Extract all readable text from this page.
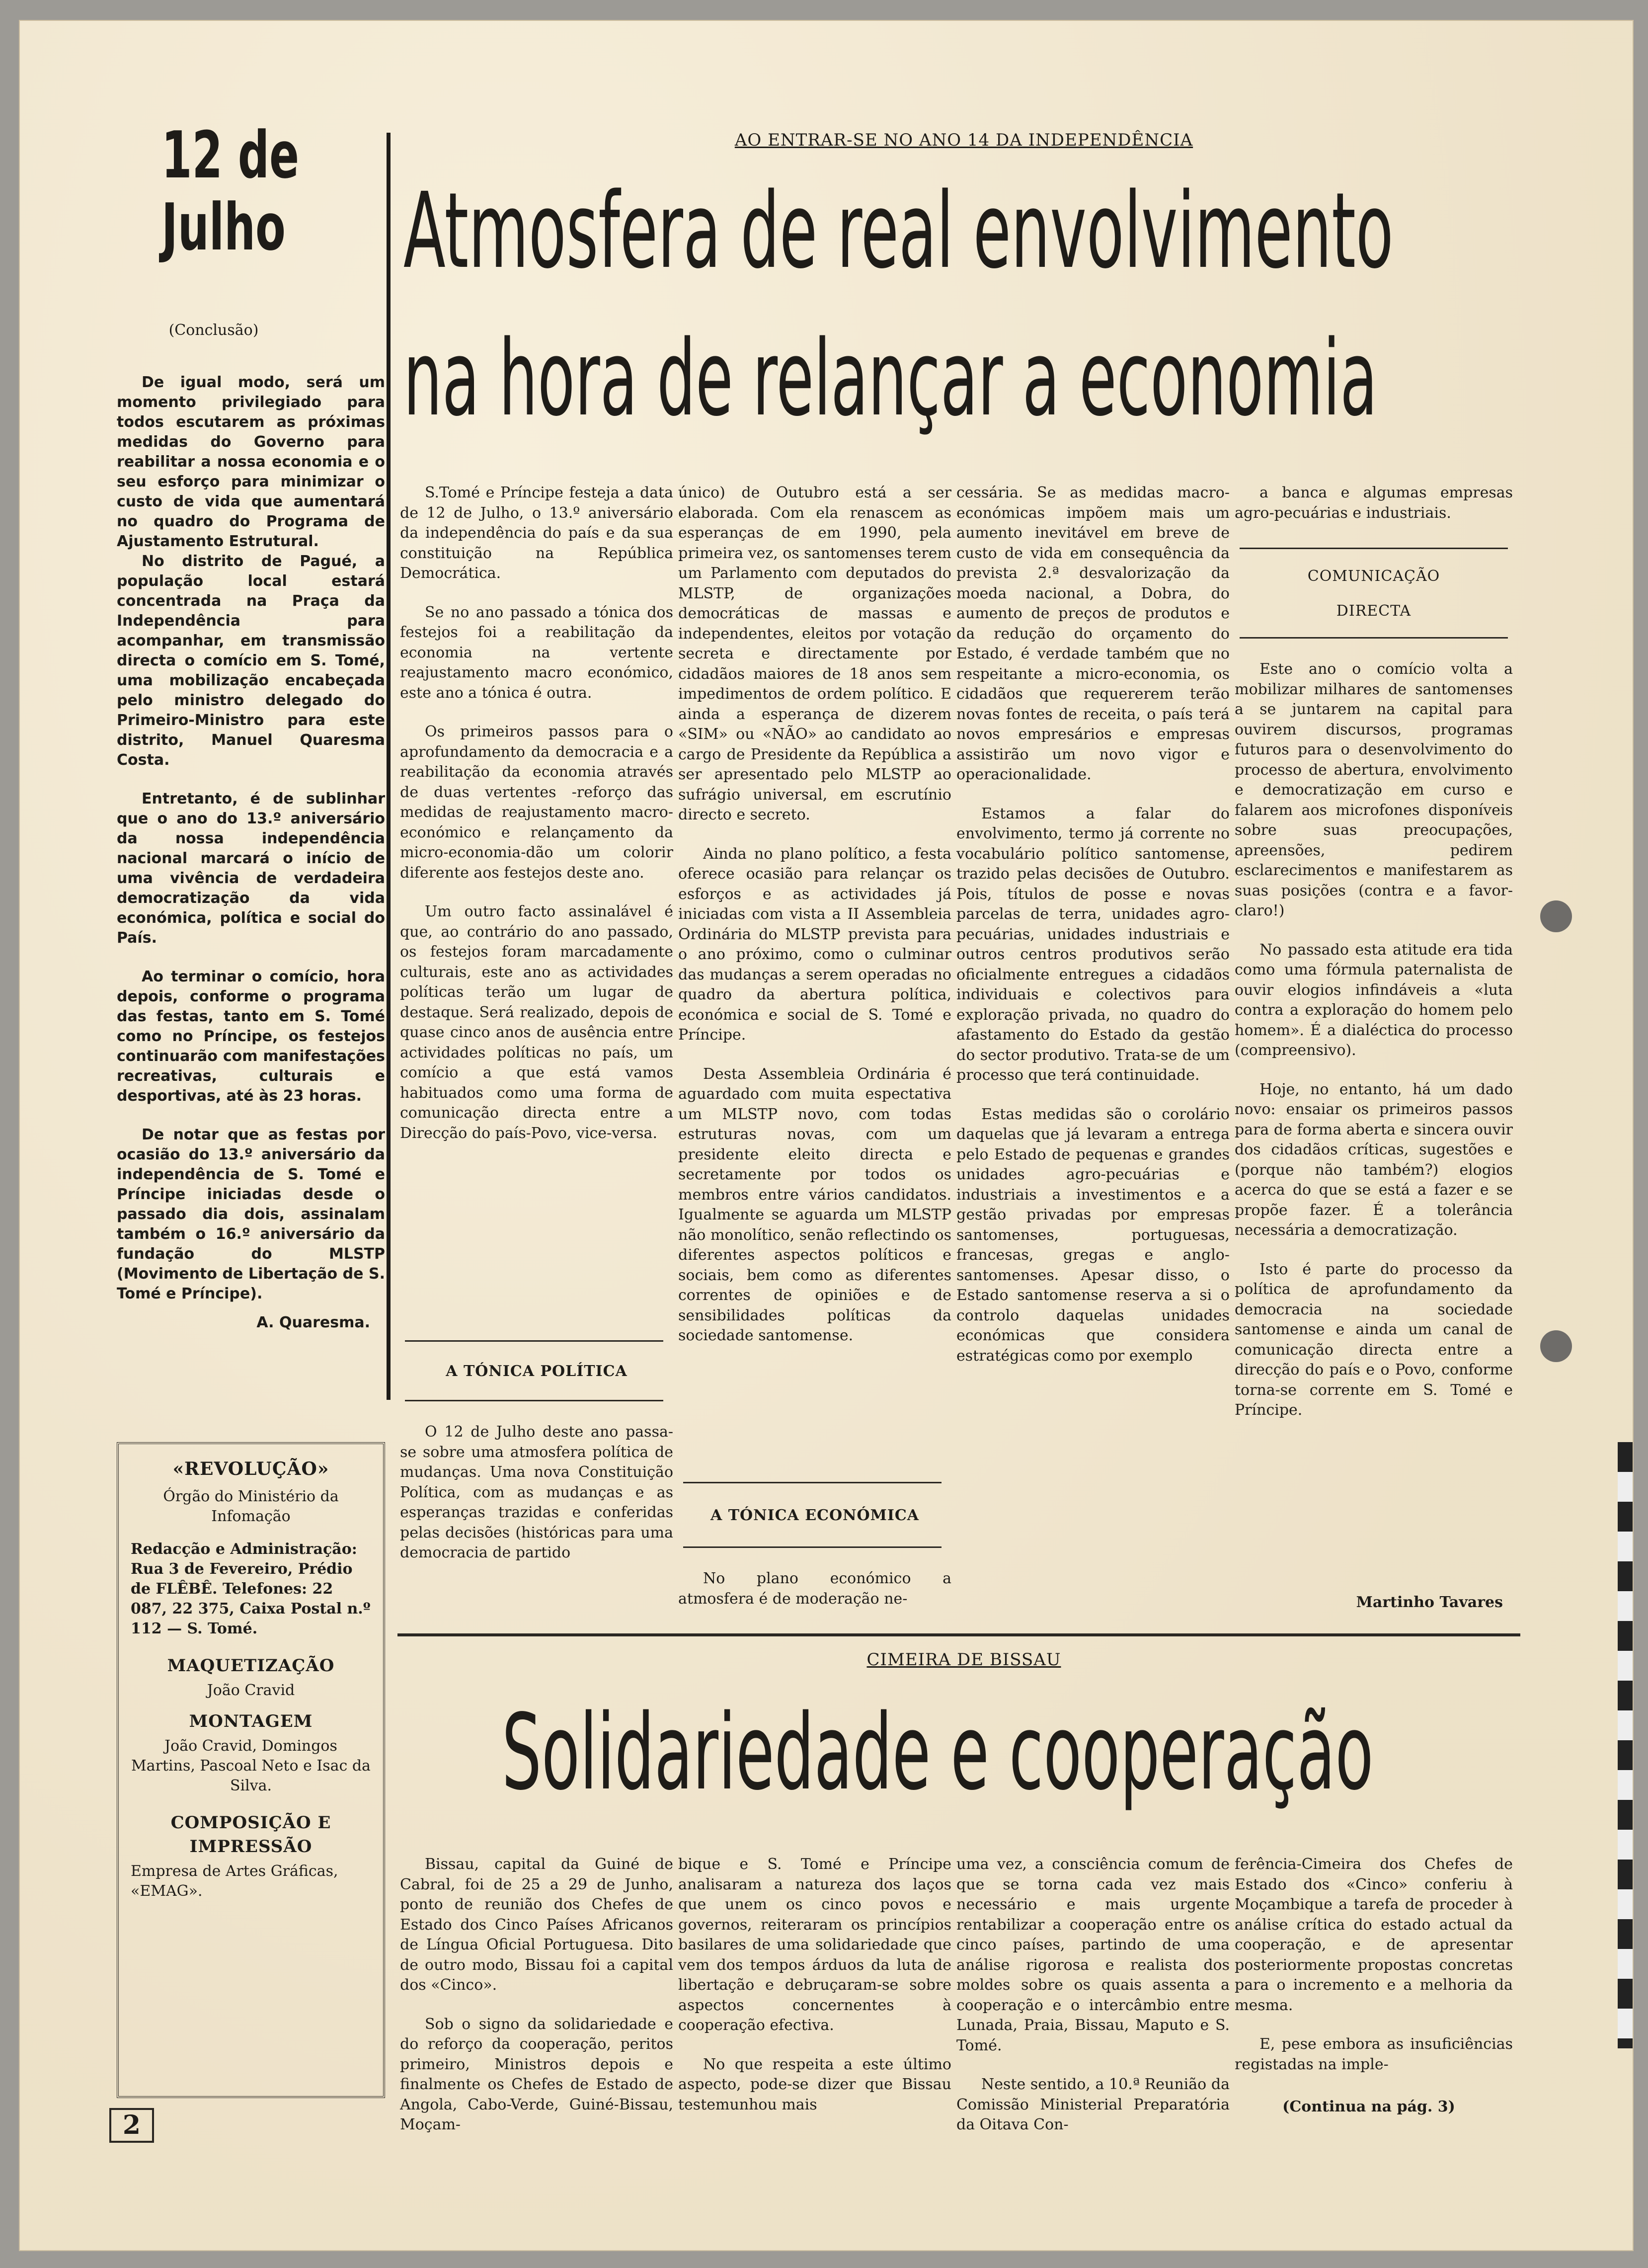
12 de
Julho
(Conclusão)

De igual modo, será um momento privilegiado para todos escutarem as próximas medidas do Governo para reabilitar a nossa economia e o seu esforço para minimizar o custo de vida que aumentará no quadro do Programa de Ajustamento Estrutural.

No distrito de Pagué, a população local estará concentrada na Praça da Independência para acompanhar, em transmissão directa o comício em S. Tomé, uma mobilização encabeçada pelo ministro delegado do Primeiro-Ministro para este distrito, Manuel Quaresma Costa.

Entretanto, é de sublinhar que o ano do 13.º aniversário da nossa independência nacional marcará o início de uma vivência de verdadeira democratização da vida económica, política e social do País.

Ao terminar o comício, hora depois, conforme o programa das festas, tanto em S. Tomé como no Príncipe, os festejos continuarão com manifestações recreativas, culturais e desportivas, até às 23 horas.

De notar que as festas por ocasião do 13.º aniversário da independência de S. Tomé e Príncipe iniciadas desde o passado dia dois, assinalam também o 16.º aniversário da fundação do MLSTP (Movimento de Libertação de S. Tomé e Príncipe).

A. Quaresma.
«REVOLUÇÃO»
Órgão do Ministério da Infomação
Redacção e Administração: Rua 3 de Fevereiro, Prédio de FLÊBÊ. Telefones: 22 087, 22 375, Caixa Postal n.º 112 — S. Tomé.
MAQUETIZAÇÃO
João Cravid
MONTAGEM
João Cravid, Domingos Martins, Pascoal Neto e Isac da Silva.
COMPOSIÇÃO E
IMPRESSÃO
Empresa de Artes Gráficas, «EMAG».
2
AO ENTRAR-SE NO ANO 14 DA INDEPENDÊNCIA
Atmosfera de real envolvimento
na hora de relançar a economia

S.Tomé e Príncipe festeja a data de 12 de Julho, o 13.º aniversário da independência do país e da sua constituição na República Democrática.

Se no ano passado a tónica dos festejos foi a reabilitação da economia na vertente reajustamento macro económico, este ano a tónica é outra.

Os primeiros passos para o aprofundamento da democracia e a reabilitação da economia através de duas vertentes -reforço das medidas de reajustamento macro-económico e relançamento da micro-economia-dão um colorir diferente aos festejos deste ano.

Um outro facto assinalável é que, ao contrário do ano passado, os festejos foram marcadamente culturais, este ano as actividades políticas terão um lugar de destaque. Será realizado, depois de quase cinco anos de ausência entre actividades políticas no país, um comício a que está vamos habituados como uma forma de comunicação directa entre a Direcção do país-Povo, vice-versa.

A TÓNICA POLÍTICA

O 12 de Julho deste ano passa-se sobre uma atmosfera política de mudanças. Uma nova Constituição Política, com as mudanças e as esperanças trazidas e conferidas pelas decisões (históricas para uma democracia de partido

único) de Outubro está a ser elaborada. Com ela renascem as esperanças de em 1990, pela primeira vez, os santomenses terem um Parlamento com deputados do MLSTP, de organizações democráticas de massas e independentes, eleitos por votação secreta e directamente por cidadãos maiores de 18 anos sem impedimentos de ordem político. E ainda a esperança de dizerem «SIM» ou «NÃO» ao candidato ao cargo de Presidente da República a ser apresentado pelo MLSTP ao sufrágio universal, em escrutínio directo e secreto.

Ainda no plano político, a festa oferece ocasião para relançar os esforços e as actividades já iniciadas com vista a II Assembleia Ordinária do MLSTP prevista para o ano próximo, como o culminar das mudanças a serem operadas no quadro da abertura política, económica e social de S. Tomé e Príncipe.

Desta Assembleia Ordinária é aguardado com muita espectativa um MLSTP novo, com todas estruturas novas, com um presidente eleito directa e secretamente por todos os membros entre vários candidatos. Igualmente se aguarda um MLSTP não monolítico, senão reflectindo os diferentes aspectos políticos e sociais, bem como as diferentes correntes de opiniões e de sensibilidades políticas da sociedade santomense.

A TÓNICA ECONÓMICA

No plano económico a atmosfera é de moderação ne-

cessária. Se as medidas macro-económicas impõem mais um aumento inevitável em breve de custo de vida em consequência da prevista 2.ª desvalorização da moeda nacional, a Dobra, do aumento de preços de produtos e da redução do orçamento do Estado, é verdade também que no respeitante a micro-economia, os cidadãos que requererem terão novas fontes de receita, o país terá novos empresários e empresas assistirão um novo vigor e operacionalidade.

Estamos a falar do envolvimento, termo já corrente no vocabulário político santomense, trazido pelas decisões de Outubro. Pois, títulos de posse e novas parcelas de terra, unidades agro-pecuárias, unidades industriais e outros centros produtivos serão oficialmente entregues a cidadãos individuais e colectivos para exploração privada, no quadro do afastamento do Estado da gestão do sector produtivo. Trata-se de um processo que terá continuidade.

Estas medidas são o corolário daquelas que já levaram a entrega pelo Estado de pequenas e grandes unidades agro-pecuárias e industriais a investimentos e a gestão privadas por empresas santomenses, portuguesas, francesas, gregas e anglo-santomenses. Apesar disso, o Estado santomense reserva a si o controlo daquelas unidades económicas que considera estratégicas como por exemplo

a banca e algumas empresas agro-pecuárias e industriais.

COMUNICAÇÃO
DIRECTA

Este ano o comício volta a mobilizar milhares de santomenses a se juntarem na capital para ouvirem discursos, programas futuros para o desenvolvimento do processo de abertura, envolvimento e democratização em curso e falarem aos microfones disponíveis sobre suas preocupações, apreensões, pedirem esclarecimentos e manifestarem as suas posições (contra e a favor-claro!)

No passado esta atitude era tida como uma fórmula paternalista de ouvir elogios infindáveis a «luta contra a exploração do homem pelo homem». É a dialéctica do processo (compreensivo).

Hoje, no entanto, há um dado novo: ensaiar os primeiros passos para de forma aberta e sincera ouvir dos cidadãos críticas, sugestões e (porque não também?) elogios acerca do que se está a fazer e se propõe fazer. É a tolerância necessária a democratização.

Isto é parte do processo da política de aprofundamento da democracia na sociedade santomense e ainda um canal de comunicação directa entre a direcção do país e o Povo, conforme torna-se corrente em S. Tomé e Príncipe.

Martinho Tavares
CIMEIRA DE BISSAU
Solidariedade e cooperação

Bissau, capital da Guiné de Cabral, foi de 25 a 29 de Junho, ponto de reunião dos Chefes de Estado dos Cinco Países Africanos de Língua Oficial Portuguesa. Dito de outro modo, Bissau foi a capital dos «Cinco».

Sob o signo da solidariedade e do reforço da cooperação, peritos primeiro, Ministros depois e finalmente os Chefes de Estado de Angola, Cabo-Verde, Guiné-Bissau, Moçam-

bique e S. Tomé e Príncipe analisaram a natureza dos laços que unem os cinco povos e governos, reiteraram os princípios basilares de uma solidariedade que vem dos tempos árduos da luta de libertação e debruçaram-se sobre aspectos concernentes à cooperação efectiva.

No que respeita a este último aspecto, pode-se dizer que Bissau testemunhou mais

uma vez, a consciência comum de que se torna cada vez mais necessário e mais urgente rentabilizar a cooperação entre os cinco países, partindo de uma análise rigorosa e realista dos moldes sobre os quais assenta a cooperação e o intercâmbio entre Lunada, Praia, Bissau, Maputo e S. Tomé.

Neste sentido, a 10.ª Reunião da Comissão Ministerial Preparatória da Oitava Con-

ferência-Cimeira dos Chefes de Estado dos «Cinco» conferiu à Moçambique a tarefa de proceder à análise crítica do estado actual da cooperação, e de apresentar posteriormente propostas concretas para o incremento e a melhoria da mesma.

E, pese embora as insuficiências registadas na imple-

(Continua na pág. 3)
